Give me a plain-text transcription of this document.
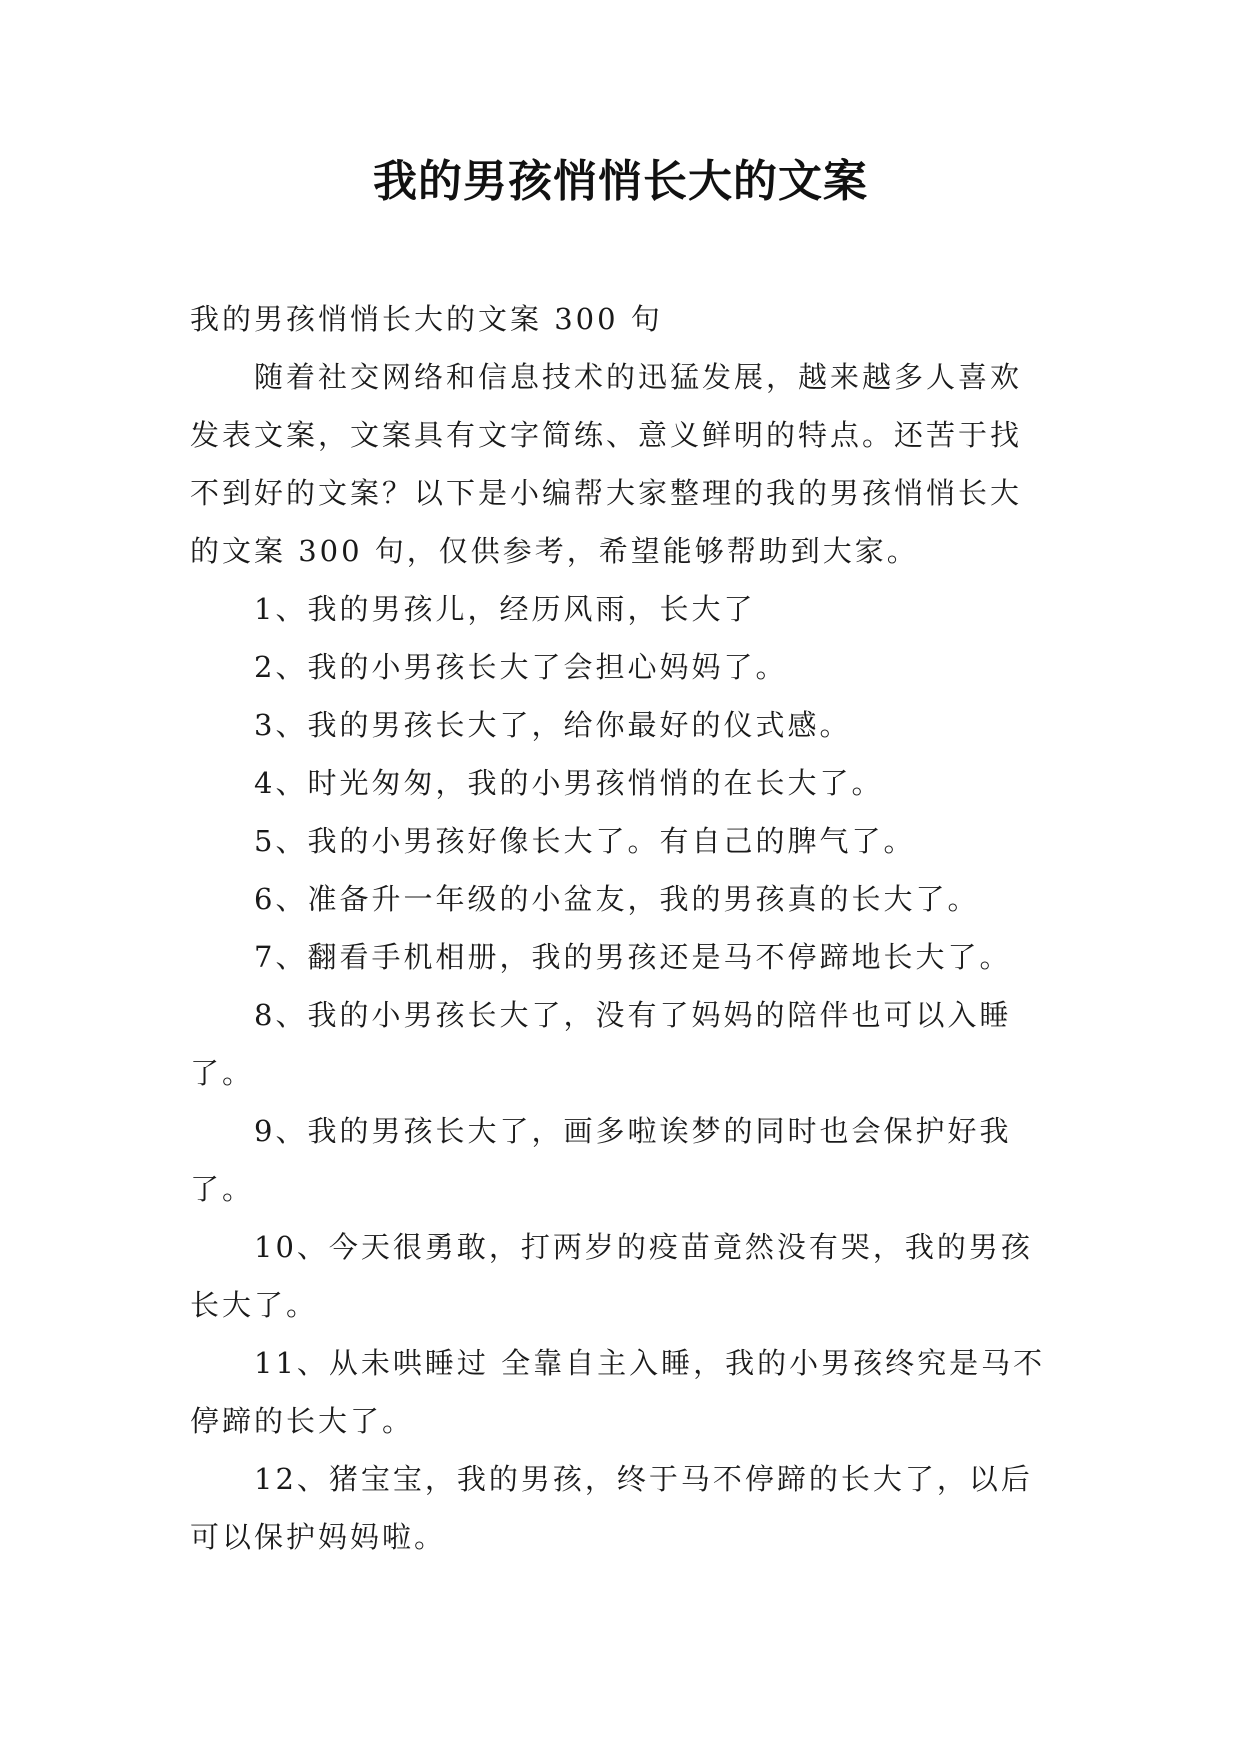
我的男孩悄悄长大的文案

我的男孩悄悄长大的文案 300 句

随着社交网络和信息技术的迅猛发展，越来越多人喜欢发表文案，文案具有文字简练、意义鲜明的特点。还苦于找不到好的文案？以下是小编帮大家整理的我的男孩悄悄长大的文案 300 句，仅供参考，希望能够帮助到大家。

1、我的男孩儿，经历风雨，长大了

2、我的小男孩长大了会担心妈妈了。

3、我的男孩长大了，给你最好的仪式感。

4、时光匆匆，我的小男孩悄悄的在长大了。

5、我的小男孩好像长大了。有自己的脾气了。

6、准备升一年级的小盆友，我的男孩真的长大了。

7、翻看手机相册，我的男孩还是马不停蹄地长大了。

8、我的小男孩长大了，没有了妈妈的陪伴也可以入睡了。

9、我的男孩长大了，画多啦诶梦的同时也会保护好我了。

10、今天很勇敢，打两岁的疫苗竟然没有哭，我的男孩长大了。

11、从未哄睡过 全靠自主入睡，我的小男孩终究是马不停蹄的长大了。

12、猪宝宝，我的男孩，终于马不停蹄的长大了，以后可以保护妈妈啦。
